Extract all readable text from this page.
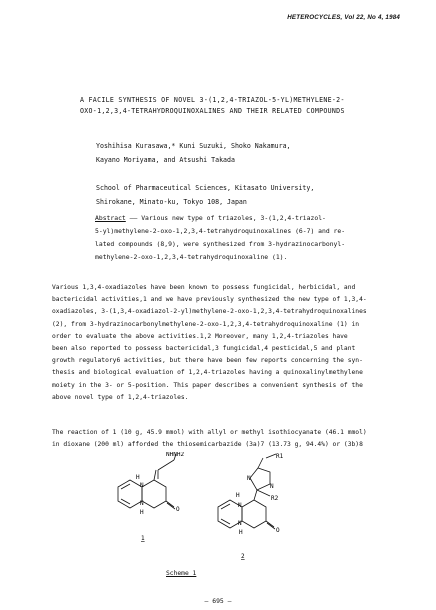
HETEROCYCLES, Vol 22, No 4, 1984
A FACILE SYNTHESIS OF NOVEL 3-(1,2,4-TRIAZOL-5-YL)METHYLENE-2-
OXO-1,2,3,4-TETRAHYDROQUINOXALINES AND THEIR RELATED COMPOUNDS
Yoshihisa Kurasawa,* Kuni Suzuki, Shoko Nakamura,
Kayano Moriyama, and Atsushi Takada
School of Pharmaceutical Sciences, Kitasato University,
Shirokane, Minato-ku, Tokyo 108, Japan
Abstract —— Various new type of triazoles, 3-(1,2,4-triazol-
5-yl)methylene-2-oxo-1,2,3,4-tetrahydroquinoxalines (6-7) and re-
lated compounds (8,9), were synthesized from 3-hydrazinocarbonyl-
methylene-2-oxo-1,2,3,4-tetrahydroquinoxaline (1).
Various 1,3,4-oxadiazoles have been known to possess fungicidal, herbicidal, and
bactericidal activities,1 and we have previously synthesized the new type of 1,3,4-
oxadiazoles, 3-(1,3,4-oxadiazol-2-yl)methylene-2-oxo-1,2,3,4-tetrahydroquinoxalines
(2), from 3-hydrazinocarbonylmethylene-2-oxo-1,2,3,4-tetrahydroquinoxaline (1) in
order to evaluate the above activities.1,2 Moreover, many 1,2,4-triazoles have
been also reported to possess bactericidal,3 fungicidal,4 pesticidal,5 and plant
growth regulatory6 activities, but there have been few reports concerning the syn-
thesis and biological evaluation of 1,2,4-triazoles having a quinoxalinylmethylene
moiety in the 3- or 5-position. This paper describes a convenient synthesis of the
above novel type of 1,2,4-triazoles.
The reaction of 1 (10 g, 45.9 mmol) with allyl or methyl isothiocyanate (46.1 mmol)
in dioxane (200 ml) afforded the thiosemicarbazide (3a)7 (13.73 g, 94.4%) or (3b)8
NHNH2
N
N
H
H
O
1
N
N
H
H
O
N
N
R1
R2
2
Scheme 1
— 695 —
